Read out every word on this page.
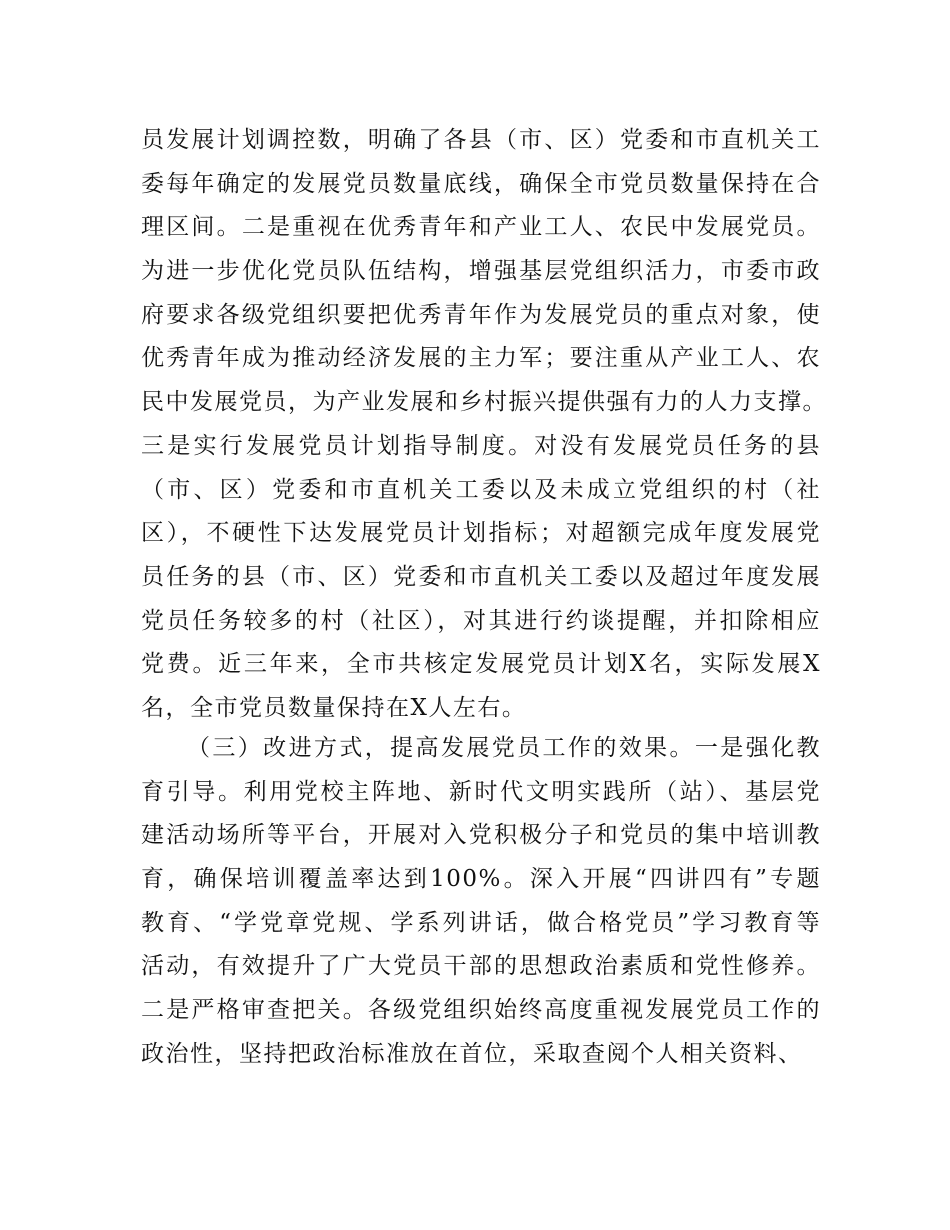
员发展计划调控数，明确了各县（市、区）党委和市直机关工
委每年确定的发展党员数量底线，确保全市党员数量保持在合
理区间。二是重视在优秀青年和产业工人、农民中发展党员。
为进一步优化党员队伍结构，增强基层党组织活力，市委市政
府要求各级党组织要把优秀青年作为发展党员的重点对象，使
优秀青年成为推动经济发展的主力军；要注重从产业工人、农
民中发展党员，为产业发展和乡村振兴提供强有力的人力支撑。
三是实行发展党员计划指导制度。对没有发展党员任务的县
（市、区）党委和市直机关工委以及未成立党组织的村（社
区），不硬性下达发展党员计划指标；对超额完成年度发展党
员任务的县（市、区）党委和市直机关工委以及超过年度发展
党员任务较多的村（社区），对其进行约谈提醒，并扣除相应
党费。近三年来，全市共核定发展党员计划X名，实际发展X
名，全市党员数量保持在X人左右。
（三）改进方式，提高发展党员工作的效果。一是强化教
育引导。利用党校主阵地、新时代文明实践所（站）、基层党
建活动场所等平台，开展对入党积极分子和党员的集中培训教
育，确保培训覆盖率达到100%。深入开展“四讲四有”专题
教育、“学党章党规、学系列讲话，做合格党员”学习教育等
活动，有效提升了广大党员干部的思想政治素质和党性修养。
二是严格审查把关。各级党组织始终高度重视发展党员工作的
政治性，坚持把政治标准放在首位，采取查阅个人相关资料、
